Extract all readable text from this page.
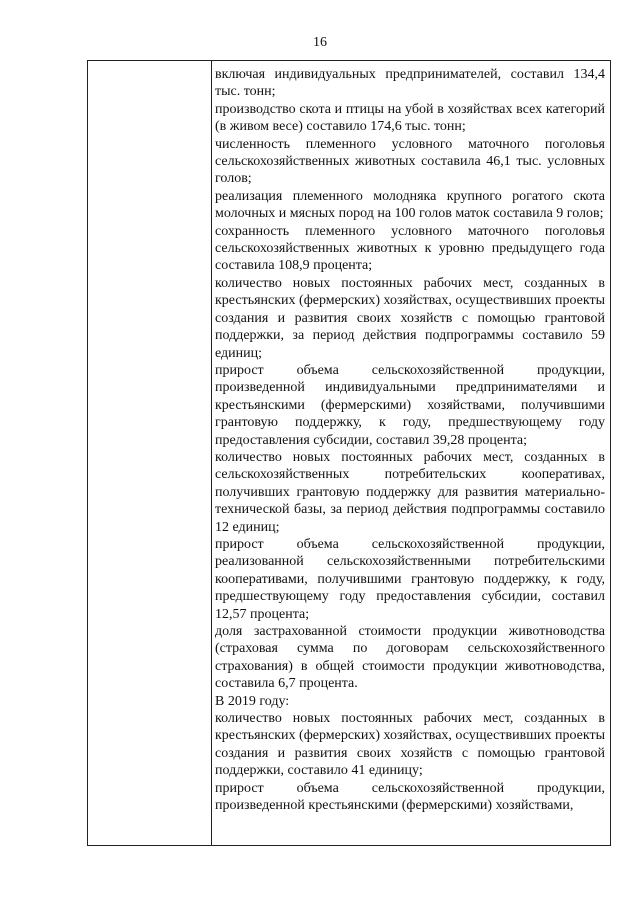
16

включая индивидуальных предпринимателей, составил 134,4 тыс. тонн;

производство скота и птицы на убой в хозяйствах всех категорий (в живом весе) составило 174,6 тыс. тонн;

численность племенного условного маточного поголовья сельскохозяйственных животных составила 46,1 тыс. условных голов;

реализация племенного молодняка крупного рогатого скота молочных и мясных пород на 100 голов маток составила 9 голов;

сохранность племенного условного маточного поголовья сельскохозяйственных животных к уровню предыдущего года составила 108,9 процента;

количество новых постоянных рабочих мест, созданных в крестьянских (фермерских) хозяйствах, осуществивших проекты создания и развития своих хозяйств с помощью грантовой поддержки, за период действия подпрограммы составило 59 единиц;

прирост объема сельскохозяйственной продукции, произведенной индивидуальными предпринимателями и крестьянскими (фермерскими) хозяйствами, получившими грантовую поддержку, к году, предшествующему году предоставления субсидии, составил 39,28 процента;

количество новых постоянных рабочих мест, созданных в сельскохозяйственных потребительских кооперативах, получивших грантовую поддержку для развития материально-технической базы, за период действия подпрограммы составило 12 единиц;

прирост объема сельскохозяйственной продукции, реализованной сельскохозяйственными потребительскими кооперативами, получившими грантовую поддержку, к году, предшествующему году предоставления субсидии, составил 12,57 процента;

доля застрахованной стоимости продукции животноводства (страховая сумма по договорам сельскохозяйственного страхования) в общей стоимости продукции животноводства, составила 6,7 процента.

В 2019 году:

количество новых постоянных рабочих мест, созданных в крестьянских (фермерских) хозяйствах, осуществивших проекты создания и развития своих хозяйств с помощью грантовой поддержки, составило 41 единицу;

прирост объема сельскохозяйственной продукции, произведенной крестьянскими (фермерскими) хозяйствами,
